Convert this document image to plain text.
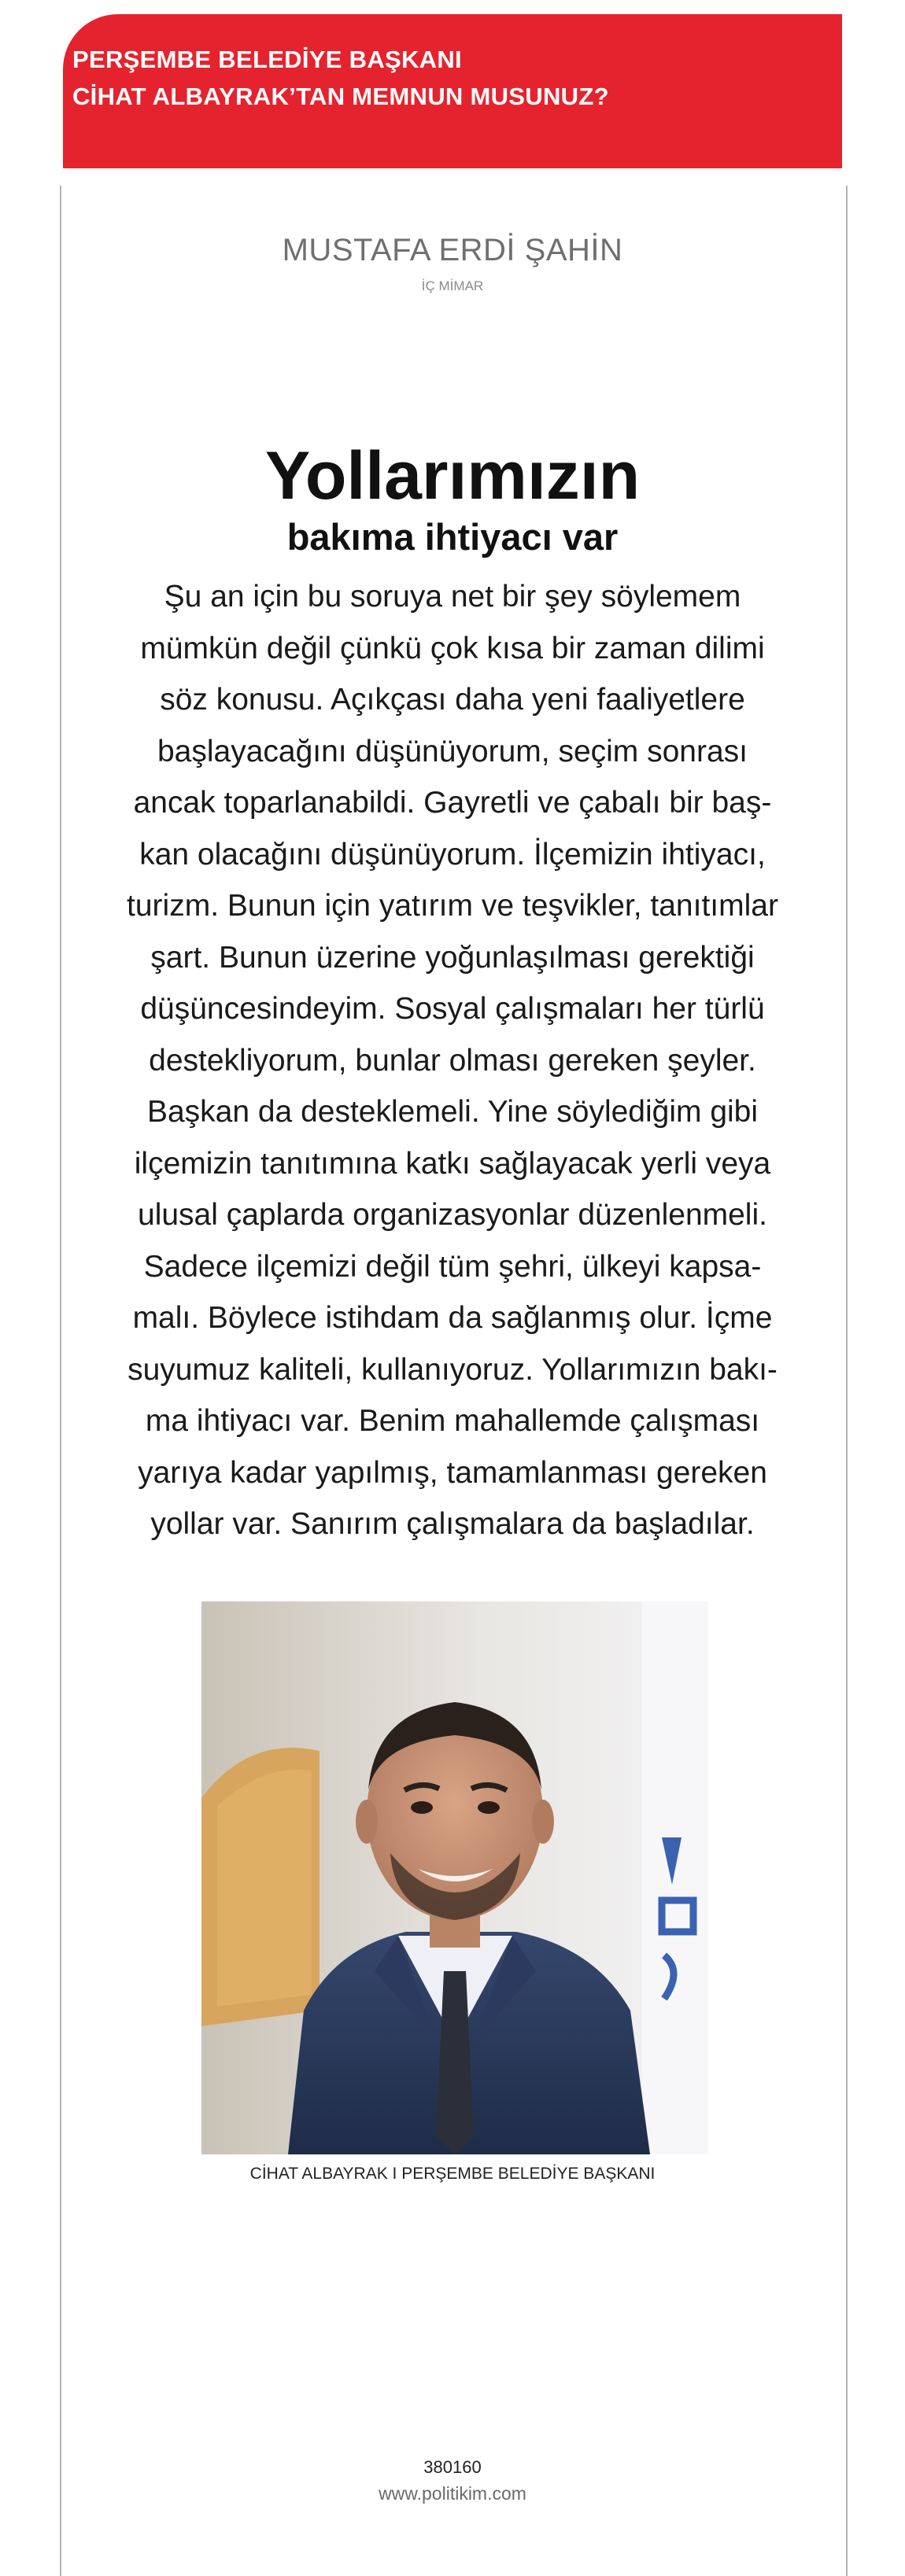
PERŞEMBE BELEDİYE BAŞKANI
CİHAT ALBAYRAK’TAN MEMNUN MUSUNUZ?
MUSTAFA ERDİ ŞAHİN
İÇ MİMAR
Yollarımızın
bakıma ihtiyacı var
Şu an için bu soruya net bir şey söylemem
mümkün değil çünkü çok kısa bir zaman dilimi
söz konusu. Açıkçası daha yeni faaliyetlere
başlayacağını düşünüyorum, seçim sonrası
ancak toparlanabildi. Gayretli ve çabalı bir baş-
kan olacağını düşünüyorum. İlçemizin ihtiyacı,
turizm. Bunun için yatırım ve teşvikler, tanıtımlar
şart. Bunun üzerine yoğunlaşılması gerektiği
düşüncesindeyim. Sosyal çalışmaları her türlü
destekliyorum, bunlar olması gereken şeyler.
Başkan da desteklemeli. Yine söylediğim gibi
ilçemizin tanıtımına katkı sağlayacak yerli veya
ulusal çaplarda organizasyonlar düzenlenmeli.
Sadece ilçemizi değil tüm şehri, ülkeyi kapsa-
malı. Böylece istihdam da sağlanmış olur. İçme
suyumuz kaliteli, kullanıyoruz. Yollarımızın bakı-
ma ihtiyacı var. Benim mahallemde çalışması
yarıya kadar yapılmış, tamamlanması gereken
yollar var. Sanırım çalışmalara da başladılar.
CİHAT ALBAYRAK I PERŞEMBE BELEDİYE BAŞKANI
380160
www.politikim.com
